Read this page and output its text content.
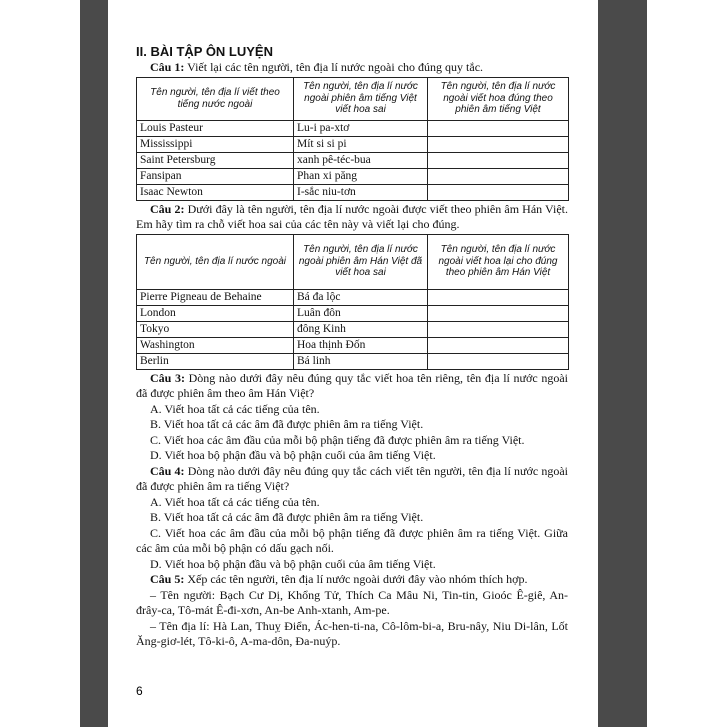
II. BÀI TẬP ÔN LUYỆN

Câu 1: Viết lại các tên người, tên địa lí nước ngoài cho đúng quy tắc.

Tên người, tên địa lí viết theo tiếng nước ngoài	Tên người, tên địa lí nước ngoài phiên âm tiếng Việt viết hoa sai	Tên người, tên địa lí nước ngoài viết hoa đúng theo phiên âm tiếng Việt
Louis Pasteur	Lu-i pa-xtơ	
Mississippi	Mít si si pi	
Saint Petersburg	xanh pê-téc-bua	
Fansipan	Phan xi păng	
Isaac Newton	I-sắc niu-tơn	

Câu 2: Dưới đây là tên người, tên địa lí nước ngoài được viết theo phiên âm Hán Việt. Em hãy tìm ra chỗ viết hoa sai của các tên này và viết lại cho đúng.

Tên người, tên địa lí nước ngoài	Tên người, tên địa lí nước ngoài phiên âm Hán Việt đã viết hoa sai	Tên người, tên địa lí nước ngoài viết hoa lại cho đúng theo phiên âm Hán Việt
Pierre Pigneau de Behaine	Bá đa lộc	
London	Luân đôn	
Tokyo	đông Kinh	
Washington	Hoa thịnh Đốn	
Berlin	Bá linh	

Câu 3: Dòng nào dưới đây nêu đúng quy tắc viết hoa tên riêng, tên địa lí nước ngoài đã được phiên âm theo âm Hán Việt?

A. Viết hoa tất cả các tiếng của tên.

B. Viết hoa tất cả các âm đã được phiên âm ra tiếng Việt.

C. Viết hoa các âm đầu của mỗi bộ phận tiếng đã được phiên âm ra tiếng Việt.

D. Viết hoa bộ phận đầu và bộ phận cuối của âm tiếng Việt.

Câu 4: Dòng nào dưới đây nêu đúng quy tắc cách viết tên người, tên địa lí nước ngoài đã được phiên âm ra tiếng Việt?

A. Viết hoa tất cả các tiếng của tên.

B. Viết hoa tất cả các âm đã được phiên âm ra tiếng Việt.

C. Viết hoa các âm đầu của mỗi bộ phận tiếng đã được phiên âm ra tiếng Việt. Giữa các âm của mỗi bộ phận có dấu gạch nối.

D. Viết hoa bộ phận đầu và bộ phận cuối của âm tiếng Việt.

Câu 5: Xếp các tên người, tên địa lí nước ngoài dưới đây vào nhóm thích hợp.

– Tên người: Bạch Cư Dị, Khổng Tử, Thích Ca Mâu Ni, Tin-tin, Gioóc Ê-giê, An-đrây-ca, Tô-mát Ê-đi-xơn, An-be Anh-xtanh, Am-pe.

– Tên địa lí: Hà Lan, Thuỵ Điển, Ác-hen-ti-na, Cô-lôm-bi-a, Bru-nây, Niu Di-lân, Lốt Ăng-giơ-lét, Tô-ki-ô, A-ma-dôn, Đa-nuýp.

6
